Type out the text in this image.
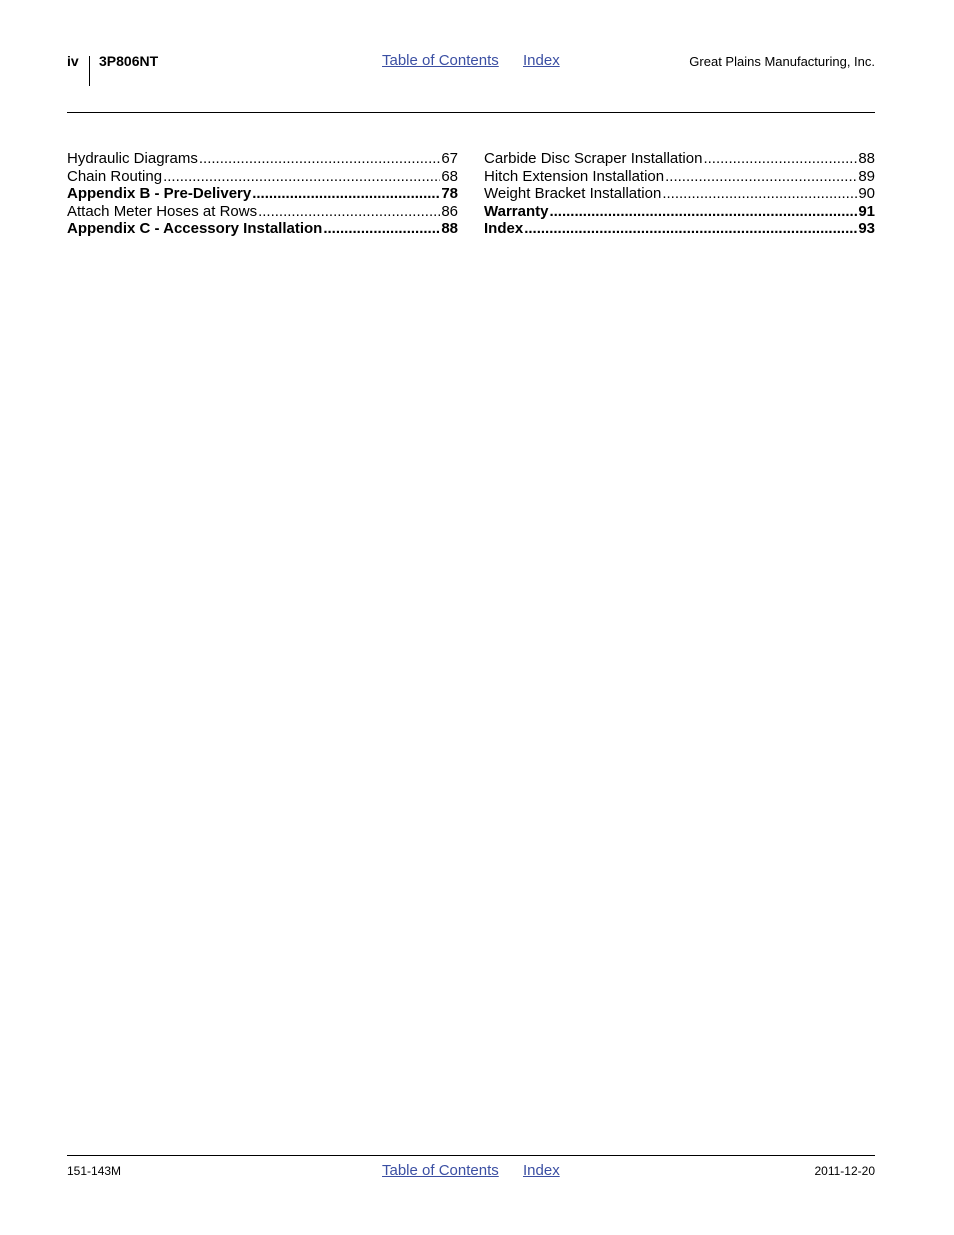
iv 3P806NT	Table of Contents Index	Great Plains Manufacturing, Inc.
Hydraulic Diagrams .....	67
Chain Routing .....	68
Appendix B - Pre-Delivery .....	78
Attach Meter Hoses at Rows .....	86
Appendix C - Accessory Installation .....	88
Carbide Disc Scraper Installation .....	88
Hitch Extension Installation .....	89
Weight Bracket Installation .....	90
Warranty .....	91
Index .....	93
151-143M	Table of Contents Index	2011-12-20
